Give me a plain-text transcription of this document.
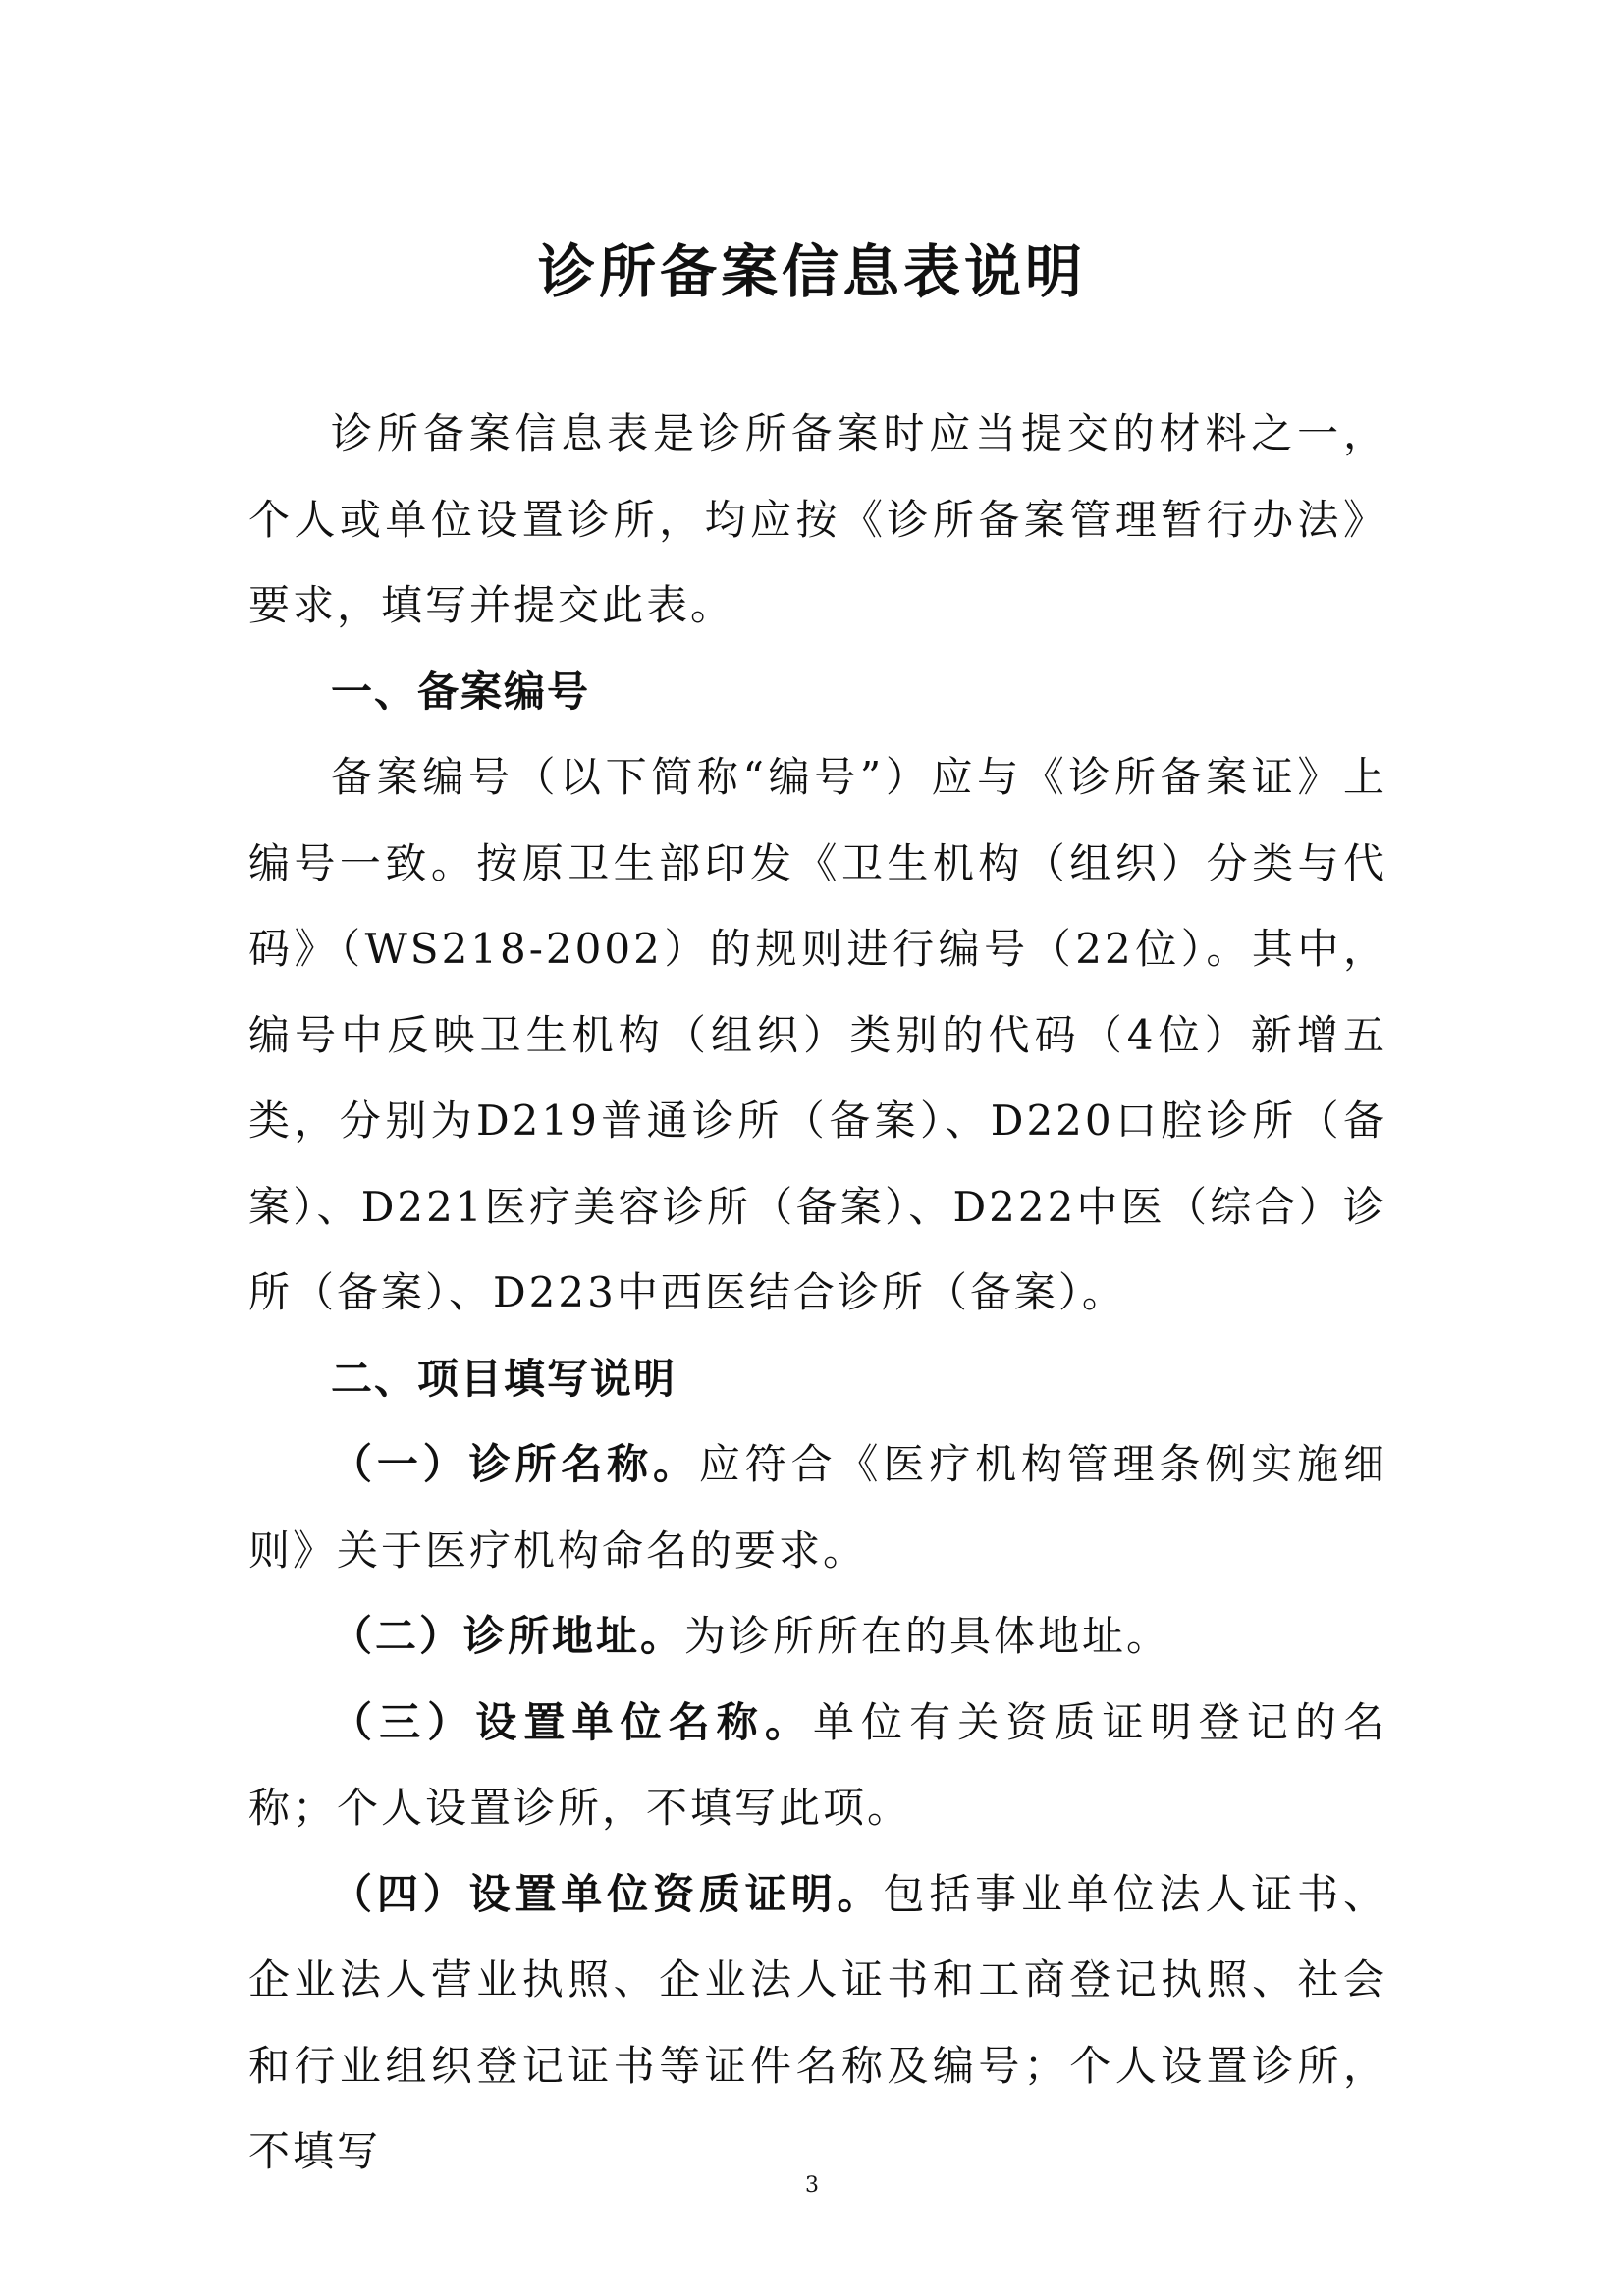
诊所备案信息表说明

诊所备案信息表是诊所备案时应当提交的材料之一，个人或单位设置诊所，均应按《诊所备案管理暂行办法》要求，填写并提交此表。

一、备案编号

备案编号（以下简称“编号”）应与《诊所备案证》上编号一致。按原卫生部印发《卫生机构（组织）分类与代码》（WS218-2002）的规则进行编号（22位）。其中，编号中反映卫生机构（组织）类别的代码（4位）新增五类，分别为D219普通诊所（备案）、D220口腔诊所（备案）、D221医疗美容诊所（备案）、D222中医（综合）诊所（备案）、D223中西医结合诊所（备案）。

二、项目填写说明

（一）诊所名称。应符合《医疗机构管理条例实施细则》关于医疗机构命名的要求。

（二）诊所地址。为诊所所在的具体地址。

（三）设置单位名称。单位有关资质证明登记的名称；个人设置诊所，不填写此项。

（四）设置单位资质证明。包括事业单位法人证书、企业法人营业执照、企业法人证书和工商登记执照、社会和行业组织登记证书等证件名称及编号；个人设置诊所，不填写

3
